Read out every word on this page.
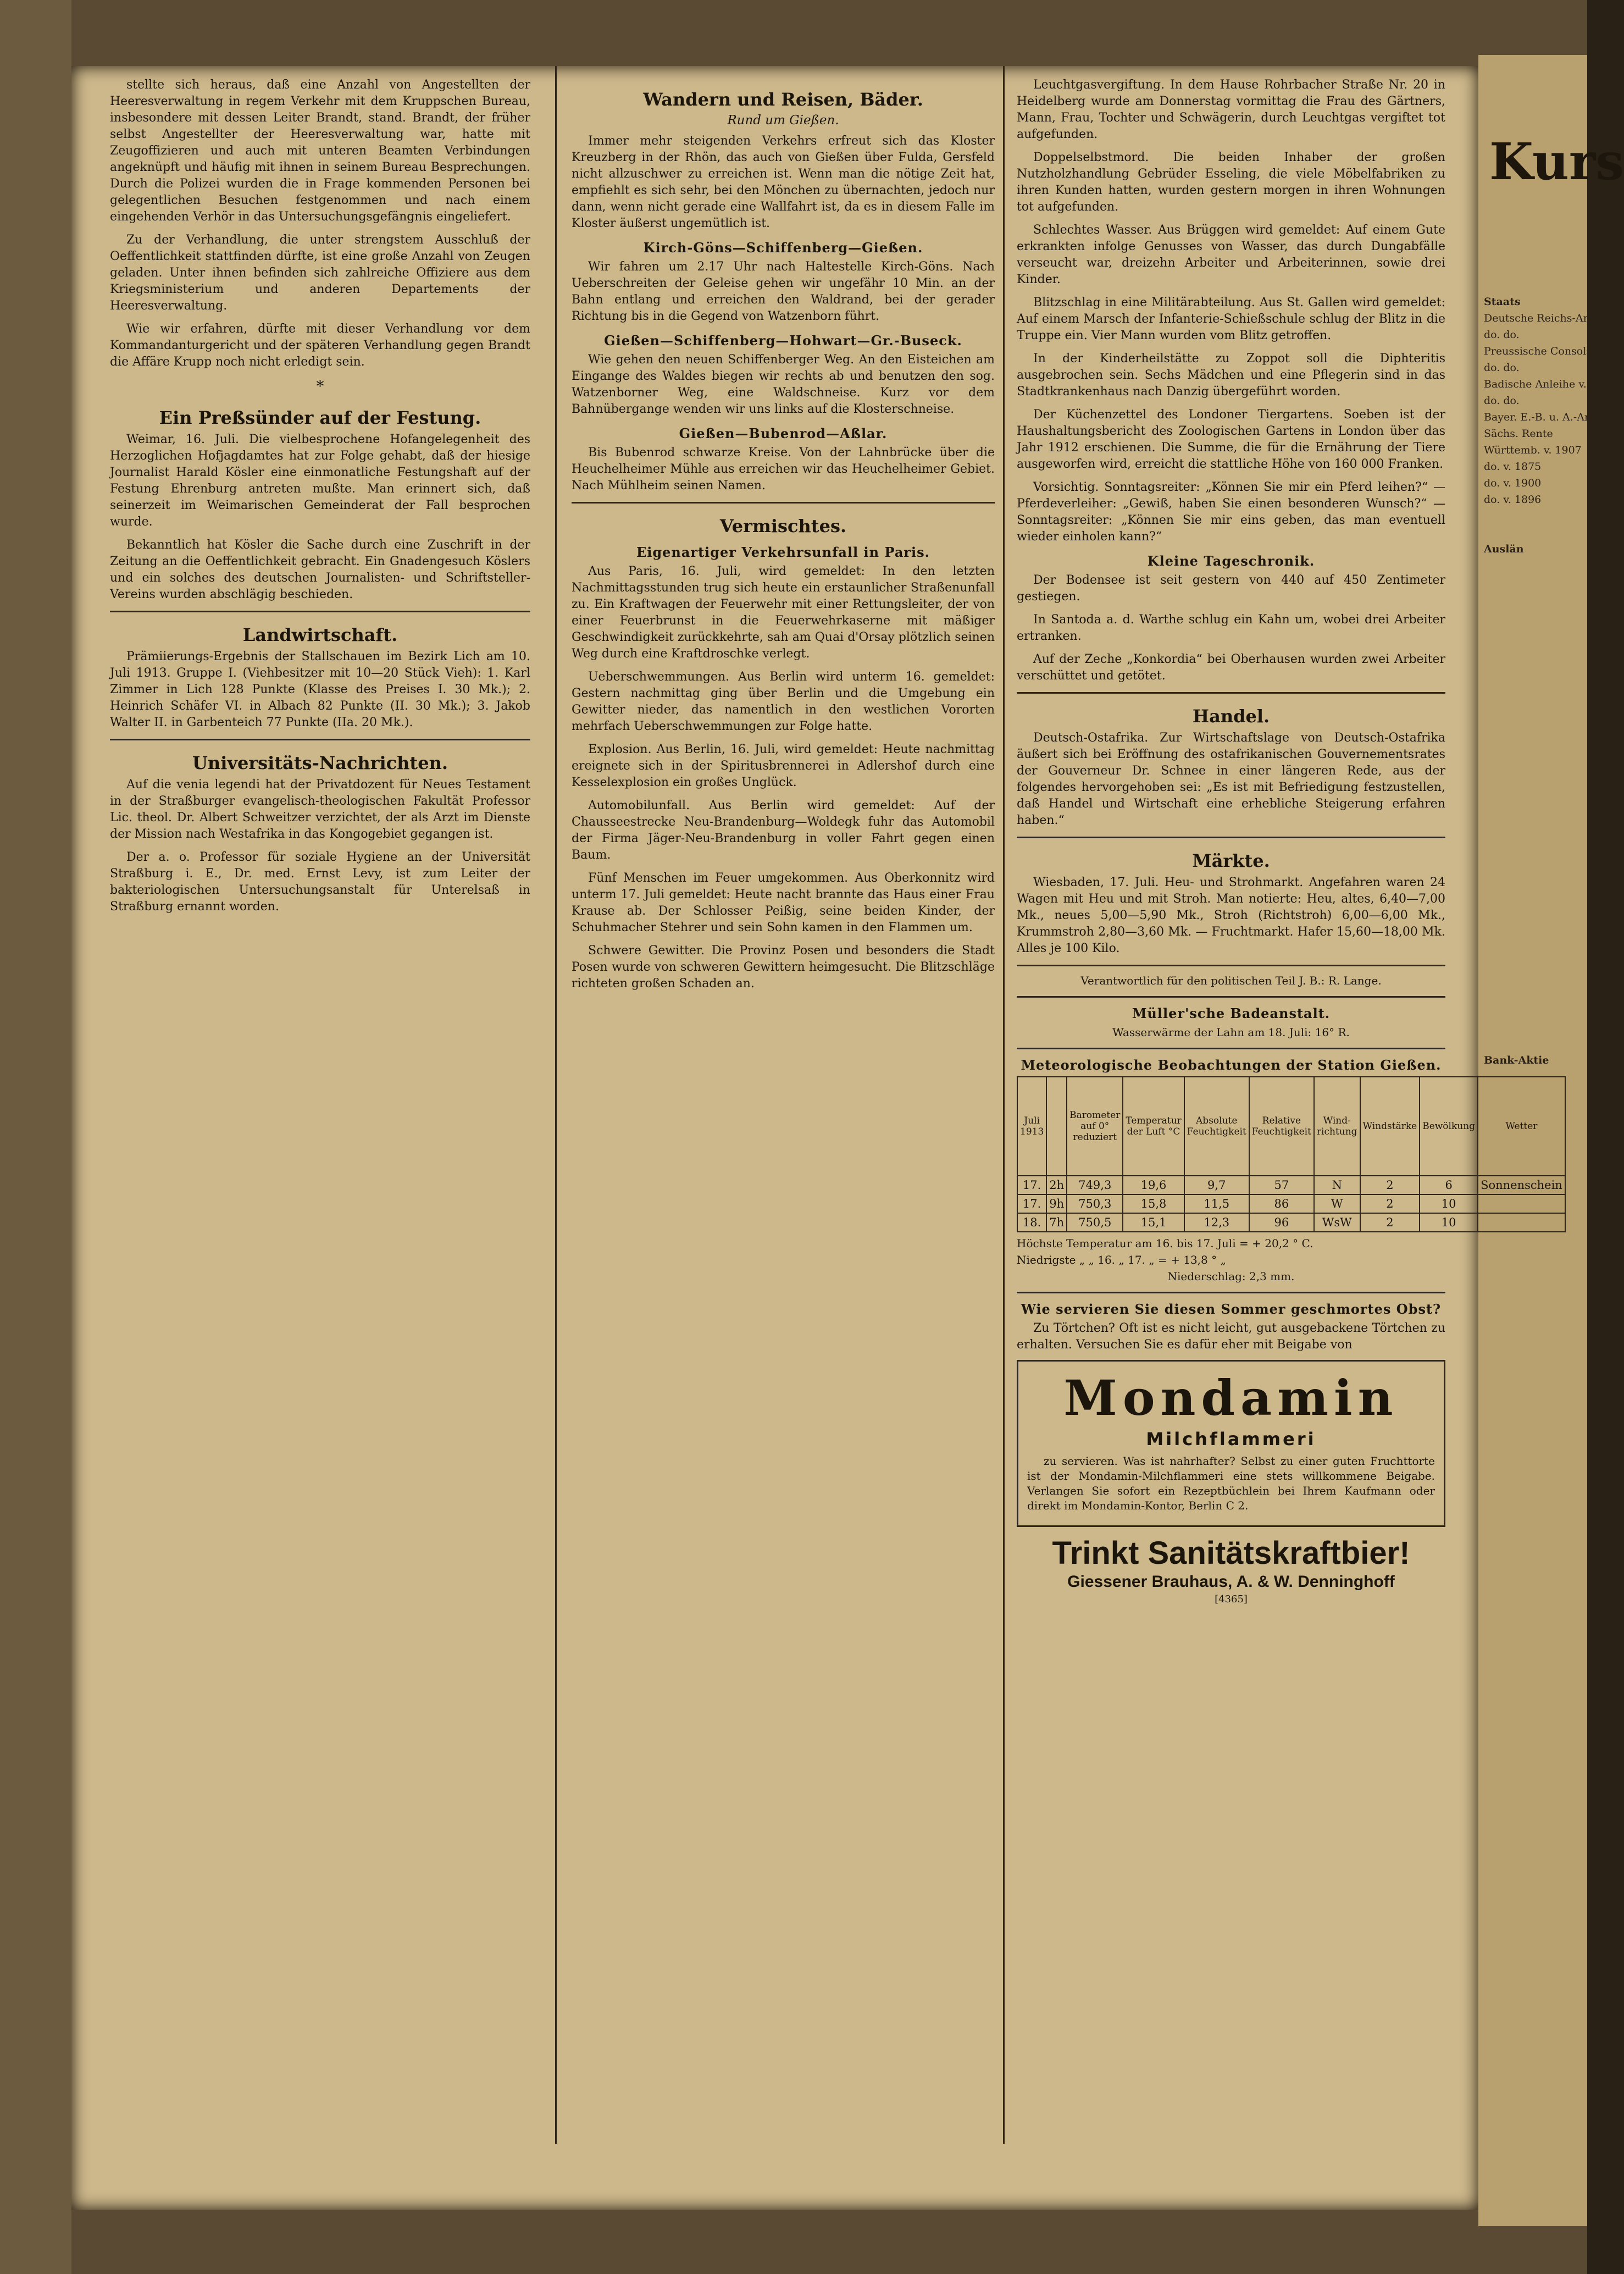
Kurs
Staats
Deutsche Reichs-Anl.
do. do.
Preussische Consols
do. do.
Badische Anleihe v.
do. do.
Bayer. E.-B. u. A.-Anl.
Sächs. Rente
Württemb. v. 1907
do. v. 1875
do. v. 1900
do. v. 1896
Auslän
Bank-Aktie

stellte sich heraus, daß eine Anzahl von Angestellten der Heeresverwaltung in regem Verkehr mit dem Kruppschen Bureau, insbesondere mit dessen Leiter Brandt, stand. Brandt, der früher selbst Angestellter der Heeresverwaltung war, hatte mit Zeugoffizieren und auch mit unteren Beamten Verbindungen angeknüpft und häufig mit ihnen in seinem Bureau Besprechungen. Durch die Polizei wurden die in Frage kommenden Personen bei gelegentlichen Besuchen festgenommen und nach einem eingehenden Verhör in das Untersuchungsgefängnis eingeliefert.

Zu der Verhandlung, die unter strengstem Ausschluß der Oeffentlichkeit stattfinden dürfte, ist eine große Anzahl von Zeugen geladen. Unter ihnen befinden sich zahlreiche Offiziere aus dem Kriegsministerium und anderen Departements der Heeresverwaltung.

Wie wir erfahren, dürfte mit dieser Verhandlung vor dem Kommandanturgericht und der späteren Verhandlung gegen Brandt die Affäre Krupp noch nicht erledigt sein.

*
Ein Preßsünder auf der Festung.

Weimar, 16. Juli. Die vielbesprochene Hofangelegenheit des Herzoglichen Hofjagdamtes hat zur Folge gehabt, daß der hiesige Journalist Harald Kösler eine einmonatliche Festungshaft auf der Festung Ehrenburg antreten mußte. Man erinnert sich, daß seinerzeit im Weimarischen Gemeinderat der Fall besprochen wurde.

Bekanntlich hat Kösler die Sache durch eine Zuschrift in der Zeitung an die Oeffentlichkeit gebracht. Ein Gnadengesuch Köslers und ein solches des deutschen Journalisten- und Schriftsteller-Vereins wurden abschlägig beschieden.

Landwirtschaft.

Prämiierungs-Ergebnis der Stallschauen im Bezirk Lich am 10. Juli 1913. Gruppe I. (Viehbesitzer mit 10—20 Stück Vieh): 1. Karl Zimmer in Lich 128 Punkte (Klasse des Preises I. 30 Mk.); 2. Heinrich Schäfer VI. in Albach 82 Punkte (II. 30 Mk.); 3. Jakob Walter II. in Garbenteich 77 Punkte (IIa. 20 Mk.).

Universitäts-Nachrichten.

Auf die venia legendi hat der Privatdozent für Neues Testament in der Straßburger evangelisch-theologischen Fakultät Professor Lic. theol. Dr. Albert Schweitzer verzichtet, der als Arzt im Dienste der Mission nach Westafrika in das Kongogebiet gegangen ist.

Der a. o. Professor für soziale Hygiene an der Universität Straßburg i. E., Dr. med. Ernst Levy, ist zum Leiter der bakteriologischen Untersuchungsanstalt für Unterelsaß in Straßburg ernannt worden.

Wandern und Reisen, Bäder.
Rund um Gießen.

Immer mehr steigenden Verkehrs erfreut sich das Kloster Kreuzberg in der Rhön, das auch von Gießen über Fulda, Gersfeld nicht allzuschwer zu erreichen ist. Wenn man die nötige Zeit hat, empfiehlt es sich sehr, bei den Mönchen zu übernachten, jedoch nur dann, wenn nicht gerade eine Wallfahrt ist, da es in diesem Falle im Kloster äußerst ungemütlich ist.

Kirch-Göns—Schiffenberg—Gießen.

Wir fahren um 2.17 Uhr nach Haltestelle Kirch-Göns. Nach Ueberschreiten der Geleise gehen wir ungefähr 10 Min. an der Bahn entlang und erreichen den Waldrand, bei der gerader Richtung bis in die Gegend von Watzenborn führt.

Gießen—Schiffenberg—Hohwart—Gr.-Buseck.

Wie gehen den neuen Schiffenberger Weg. An den Eisteichen am Eingange des Waldes biegen wir rechts ab und benutzen den sog. Watzenborner Weg, eine Waldschneise. Kurz vor dem Bahnübergange wenden wir uns links auf die Klosterschneise.

Gießen—Bubenrod—Aßlar.

Bis Bubenrod schwarze Kreise. Von der Lahnbrücke über die Heuchelheimer Mühle aus erreichen wir das Heuchelheimer Gebiet. Nach Mühlheim seinen Namen.

Vermischtes.
Eigenartiger Verkehrsunfall in Paris.

Aus Paris, 16. Juli, wird gemeldet: In den letzten Nachmittagsstunden trug sich heute ein erstaunlicher Straßenunfall zu. Ein Kraftwagen der Feuerwehr mit einer Rettungsleiter, der von einer Feuerbrunst in die Feuerwehrkaserne mit mäßiger Geschwindigkeit zurückkehrte, sah am Quai d'Orsay plötzlich seinen Weg durch eine Kraftdroschke verlegt.

Ueberschwemmungen. Aus Berlin wird unterm 16. gemeldet: Gestern nachmittag ging über Berlin und die Umgebung ein Gewitter nieder, das namentlich in den westlichen Vororten mehrfach Ueberschwemmungen zur Folge hatte.

Explosion. Aus Berlin, 16. Juli, wird gemeldet: Heute nachmittag ereignete sich in der Spiritusbrennerei in Adlershof durch eine Kesselexplosion ein großes Unglück.

Automobilunfall. Aus Berlin wird gemeldet: Auf der Chausseestrecke Neu-Brandenburg—Woldegk fuhr das Automobil der Firma Jäger-Neu-Brandenburg in voller Fahrt gegen einen Baum.

Fünf Menschen im Feuer umgekommen. Aus Oberkonnitz wird unterm 17. Juli gemeldet: Heute nacht brannte das Haus einer Frau Krause ab. Der Schlosser Peißig, seine beiden Kinder, der Schuhmacher Stehrer und sein Sohn kamen in den Flammen um.

Schwere Gewitter. Die Provinz Posen und besonders die Stadt Posen wurde von schweren Gewittern heimgesucht. Die Blitzschläge richteten großen Schaden an.

Leuchtgasvergiftung. In dem Hause Rohrbacher Straße Nr. 20 in Heidelberg wurde am Donnerstag vormittag die Frau des Gärtners, Mann, Frau, Tochter und Schwägerin, durch Leuchtgas vergiftet tot aufgefunden.

Doppelselbstmord. Die beiden Inhaber der großen Nutzholzhandlung Gebrüder Esseling, die viele Möbelfabriken zu ihren Kunden hatten, wurden gestern morgen in ihren Wohnungen tot aufgefunden.

Schlechtes Wasser. Aus Brüggen wird gemeldet: Auf einem Gute erkrankten infolge Genusses von Wasser, das durch Dungabfälle verseucht war, dreizehn Arbeiter und Arbeiterinnen, sowie drei Kinder.

Blitzschlag in eine Militärabteilung. Aus St. Gallen wird gemeldet: Auf einem Marsch der Infanterie-Schießschule schlug der Blitz in die Truppe ein. Vier Mann wurden vom Blitz getroffen.

In der Kinderheilstätte zu Zoppot soll die Diphteritis ausgebrochen sein. Sechs Mädchen und eine Pflegerin sind in das Stadtkrankenhaus nach Danzig übergeführt worden.

Der Küchenzettel des Londoner Tiergartens. Soeben ist der Haushaltungsbericht des Zoologischen Gartens in London über das Jahr 1912 erschienen. Die Summe, die für die Ernährung der Tiere ausgeworfen wird, erreicht die stattliche Höhe von 160 000 Franken.

Vorsichtig. Sonntagsreiter: „Können Sie mir ein Pferd leihen?“ — Pferdeverleiher: „Gewiß, haben Sie einen besonderen Wunsch?“ — Sonntagsreiter: „Können Sie mir eins geben, das man eventuell wieder einholen kann?“

Kleine Tageschronik.

Der Bodensee ist seit gestern von 440 auf 450 Zentimeter gestiegen.

In Santoda a. d. Warthe schlug ein Kahn um, wobei drei Arbeiter ertranken.

Auf der Zeche „Konkordia“ bei Oberhausen wurden zwei Arbeiter verschüttet und getötet.

Handel.

Deutsch-Ostafrika. Zur Wirtschaftslage von Deutsch-Ostafrika äußert sich bei Eröffnung des ostafrikanischen Gouvernementsrates der Gouverneur Dr. Schnee in einer längeren Rede, aus der folgendes hervorgehoben sei: „Es ist mit Befriedigung festzustellen, daß Handel und Wirtschaft eine erhebliche Steigerung erfahren haben.“

Märkte.

Wiesbaden, 17. Juli. Heu- und Strohmarkt. Angefahren waren 24 Wagen mit Heu und mit Stroh. Man notierte: Heu, altes, 6,40—7,00 Mk., neues 5,00—5,90 Mk., Stroh (Richtstroh) 6,00—6,00 Mk., Krummstroh 2,80—3,60 Mk. — Fruchtmarkt. Hafer 15,60—18,00 Mk. Alles je 100 Kilo.

Verantwortlich für den politischen Teil J. B.: R. Lange.
Müller'sche Badeanstalt.
Wasserwärme der Lahn am 18. Juli: 16° R.
Meteorologische Beobachtungen der Station Gießen.
Juli 1913		Barometer auf 0° reduziert	Temperatur der Luft °C	Absolute Feuchtigkeit	Relative Feuchtigkeit	Wind-richtung	Windstärke	Bewölkung	Wetter
17.	2h	749,3	19,6	9,7	57	N	2	6	Sonnenschein
17.	9h	750,3	15,8	11,5	86	W	2	10	
18.	7h	750,5	15,1	12,3	96	WsW	2	10	
Höchste Temperatur am 16. bis 17. Juli = + 20,2 ° C.
Niedrigste „ „ 16. „ 17. „ = + 13,8 ° „
Niederschlag: 2,3 mm.
Wie servieren Sie diesen Sommer geschmortes Obst?

Zu Törtchen? Oft ist es nicht leicht, gut ausgebackene Törtchen zu erhalten. Versuchen Sie es dafür eher mit Beigabe von

Mondamin
Milchflammeri

zu servieren. Was ist nahrhafter? Selbst zu einer guten Fruchttorte ist der Mondamin-Milchflammeri eine stets willkommene Beigabe. Verlangen Sie sofort ein Rezeptbüchlein bei Ihrem Kaufmann oder direkt im Mondamin-Kontor, Berlin C 2.

Trinkt Sanitätskraftbier!
Giessener Brauhaus, A. & W. Denninghoff
[4365]
